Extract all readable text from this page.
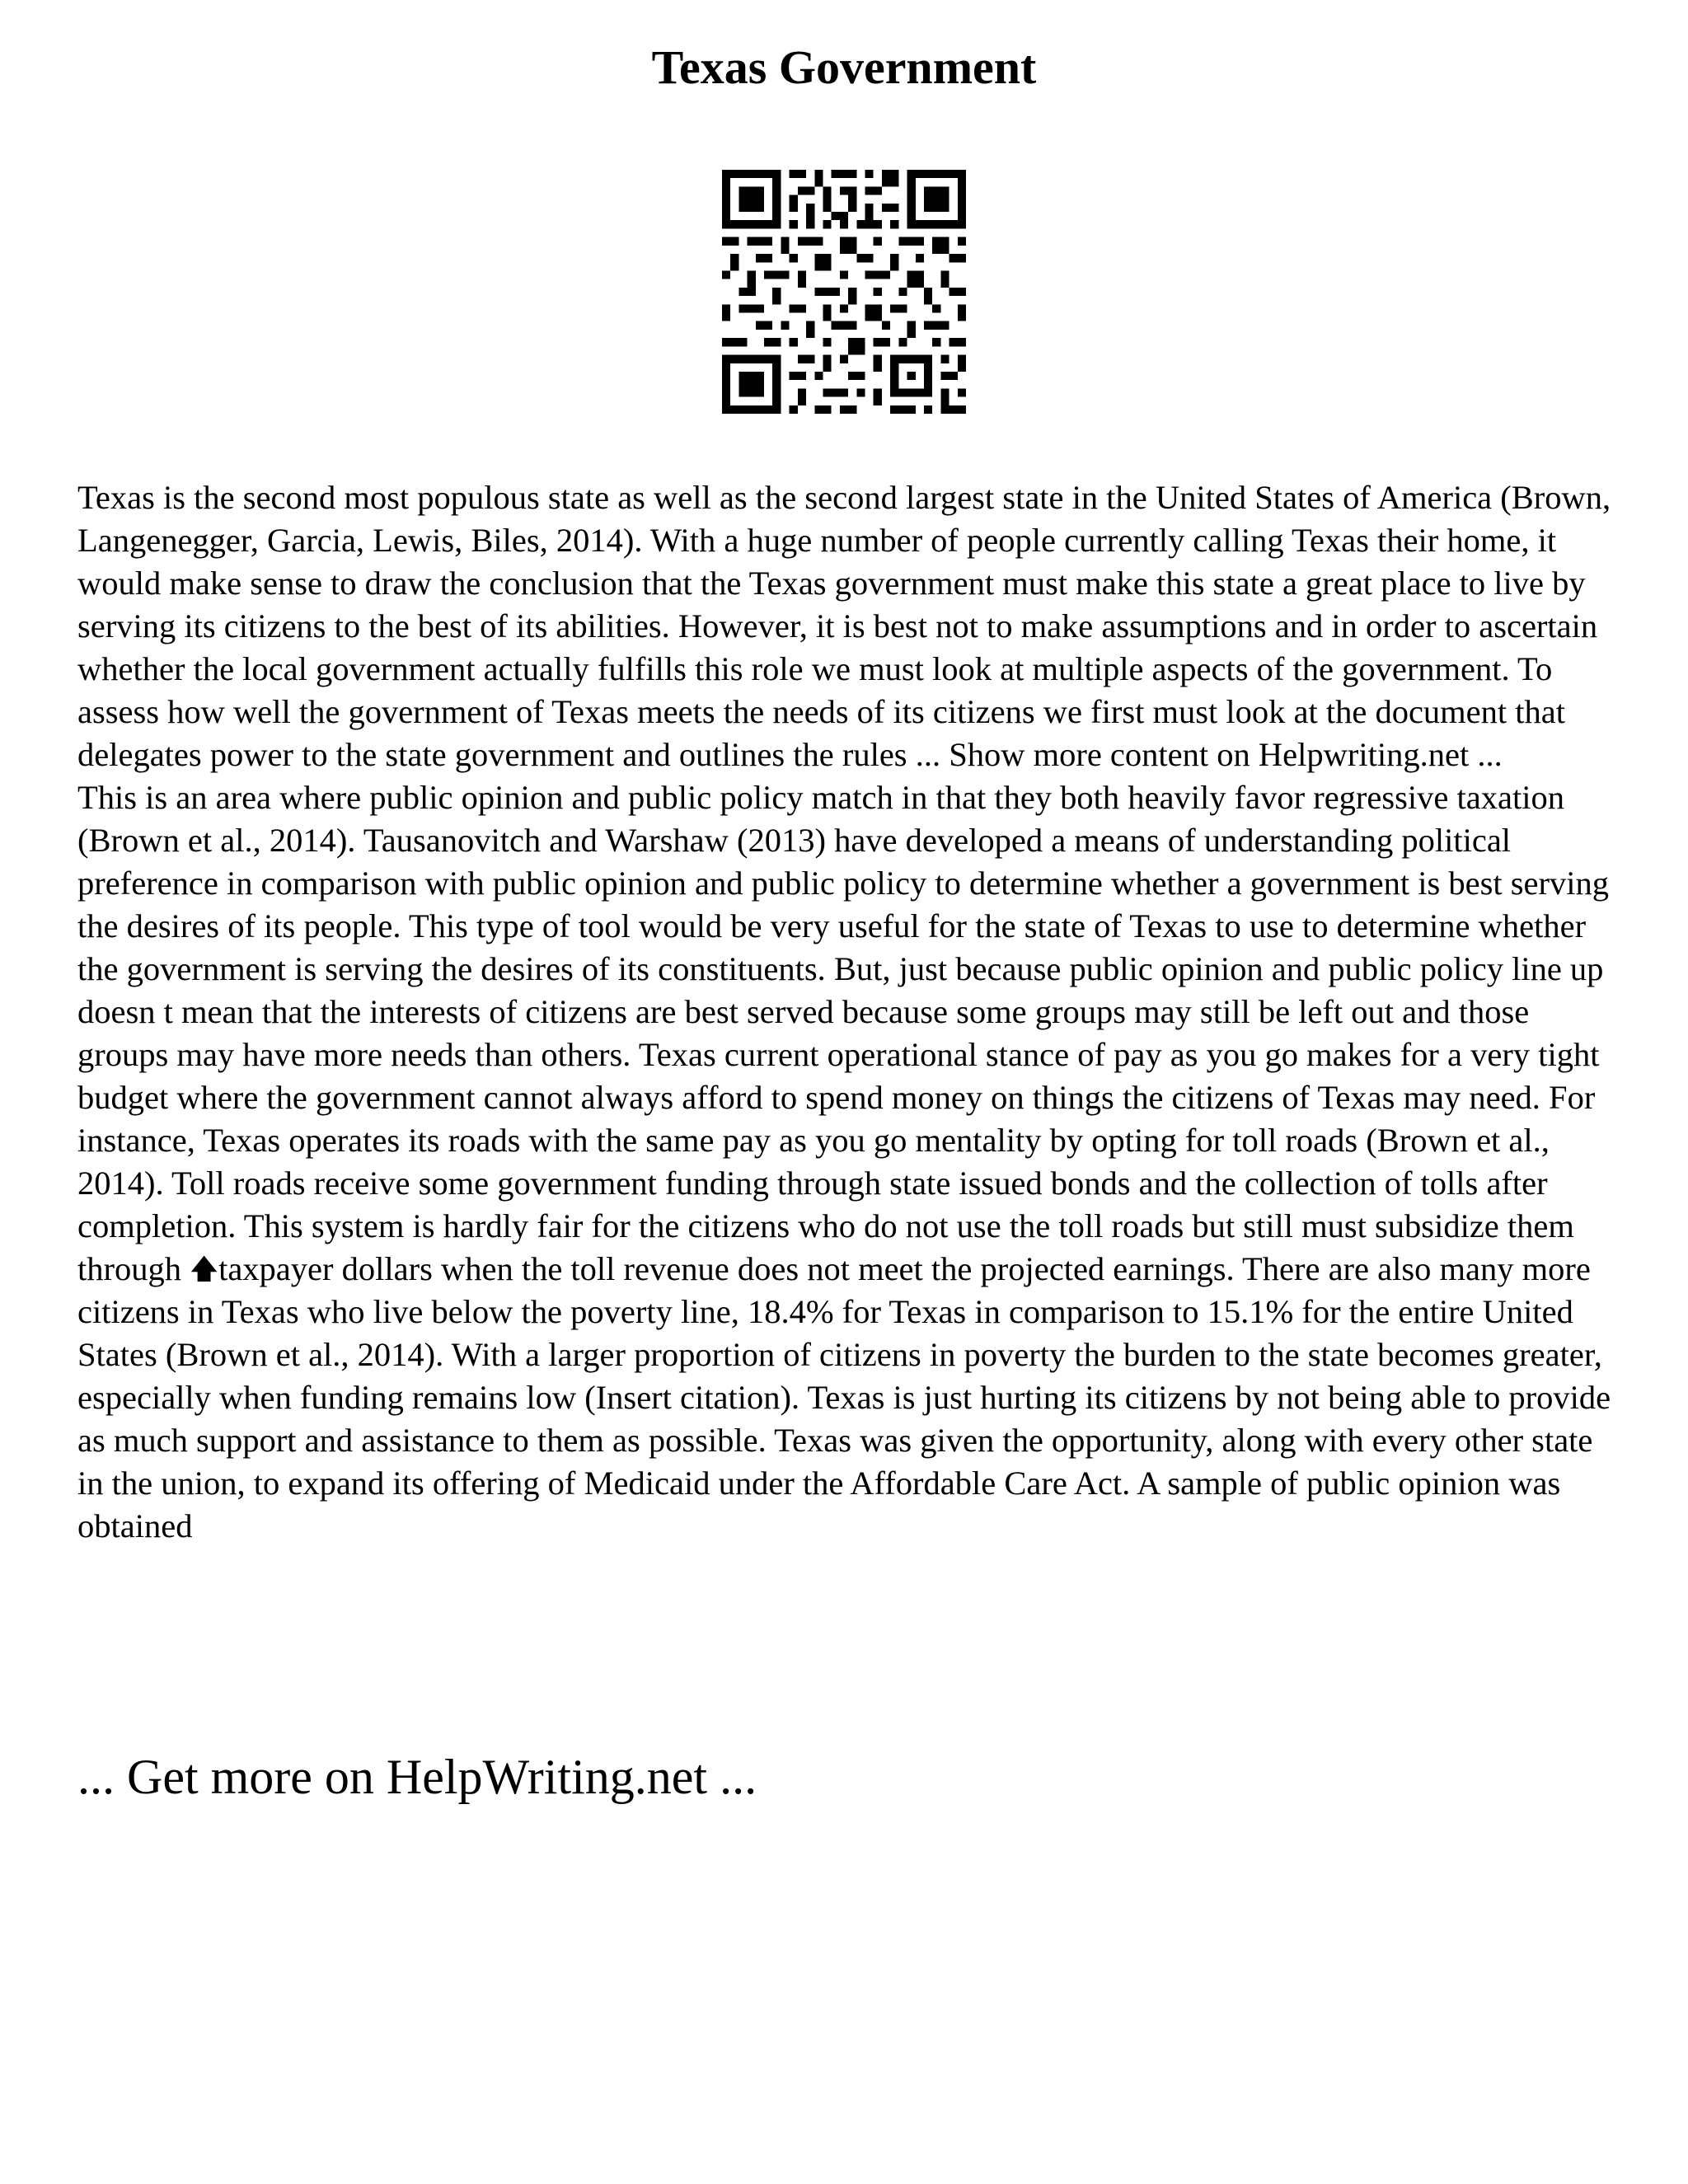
Texas Government

Texas is the second most populous state as well as the second largest state in the United States of America (Brown, Langenegger, Garcia, Lewis, Biles, 2014). With a huge number of people currently calling Texas their home, it would make sense to draw the conclusion that the Texas government must make this state a great place to live by serving its citizens to the best of its abilities. However, it is best not to make assumptions and in order to ascertain whether the local government actually fulfills this role we must look at multiple aspects of the government. To assess how well the government of Texas meets the needs of its citizens we first must look at the document that delegates power to the state government and outlines the rules ... Show more content on Helpwriting.net ...

This is an area where public opinion and public policy match in that they both heavily favor regressive taxation (Brown et al., 2014). Tausanovitch and Warshaw (2013) have developed a means of understanding political preference in comparison with public opinion and public policy to determine whether a government is best serving the desires of its people. This type of tool would be very useful for the state of Texas to use to determine whether the government is serving the desires of its constituents. But, just because public opinion and public policy line up doesn t mean that the interests of citizens are best served because some groups may still be left out and those groups may have more needs than others. Texas current operational stance of pay as you go makes for a very tight budget where the government cannot always afford to spend money on things the citizens of Texas may need. For instance, Texas operates its roads with the same pay as you go mentality by opting for toll roads (Brown et al., 2014). Toll roads receive some government funding through state issued bonds and the collection of tolls after completion. This system is hardly fair for the citizens who do not use the toll roads but still must subsidize them through 🡅taxpayer dollars when the toll revenue does not meet the projected earnings. There are also many more citizens in Texas who live below the poverty line, 18.4% for Texas in comparison to 15.1% for the entire United States (Brown et al., 2014). With a larger proportion of citizens in poverty the burden to the state becomes greater, especially when funding remains low (Insert citation). Texas is just hurting its citizens by not being able to provide as much support and assistance to them as possible. Texas was given the opportunity, along with every other state in the union, to expand its offering of Medicaid under the Affordable Care Act. A sample of public opinion was obtained

... Get more on HelpWriting.net ...
